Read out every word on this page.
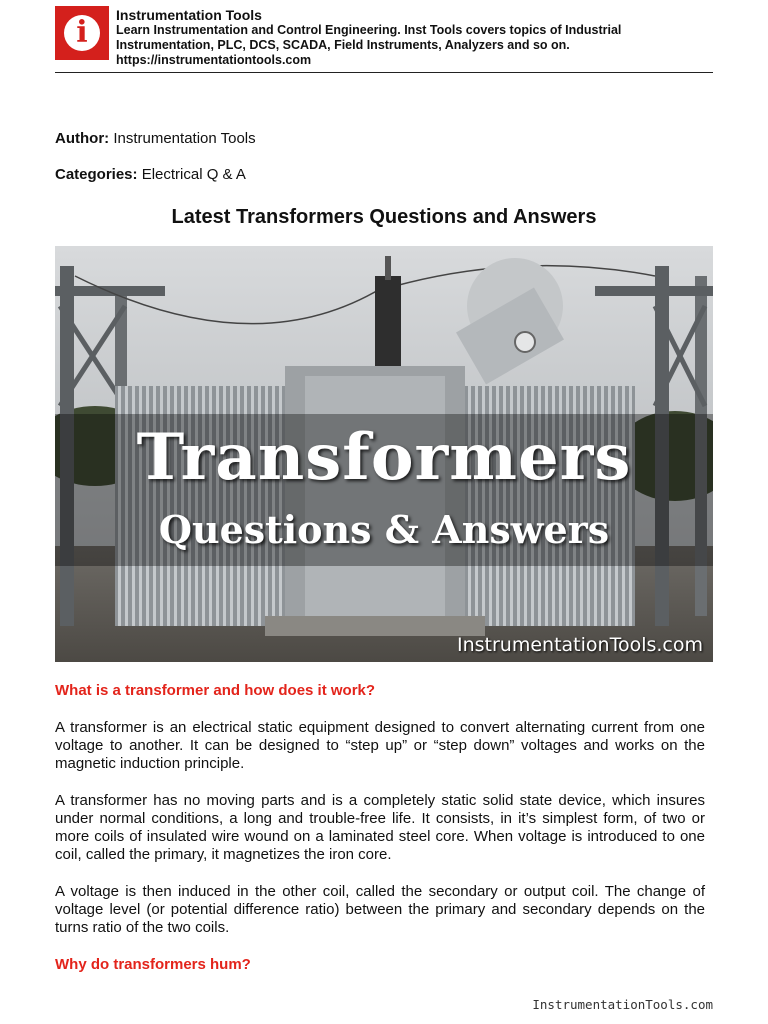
i	Instrumentation Tools
Learn Instrumentation and Control Engineering. Inst Tools covers topics of Industrial Instrumentation, PLC, DCS, SCADA, Field Instruments, Analyzers and so on.
https://instrumentationtools.com
Author: Instrumentation Tools
Categories: Electrical Q & A
Latest Transformers Questions and Answers
Transformers
Questions & Answers
InstrumentationTools.com
What is a transformer and how does it work?
A transformer is an electrical static equipment designed to convert alternating current from one voltage to another. It can be designed to “step up” or “step down” voltages and works on the magnetic induction principle.
A transformer has no moving parts and is a completely static solid state device, which insures under normal conditions, a long and trouble-free life. It consists, in it’s simplest form, of two or more coils of insulated wire wound on a laminated steel core. When voltage is introduced to one coil, called the primary, it magnetizes the iron core.
A voltage is then induced in the other coil, called the secondary or output coil. The change of voltage level (or potential difference ratio) between the primary and secondary depends on the turns ratio of the two coils.
Why do transformers hum?
InstrumentationTools.com
